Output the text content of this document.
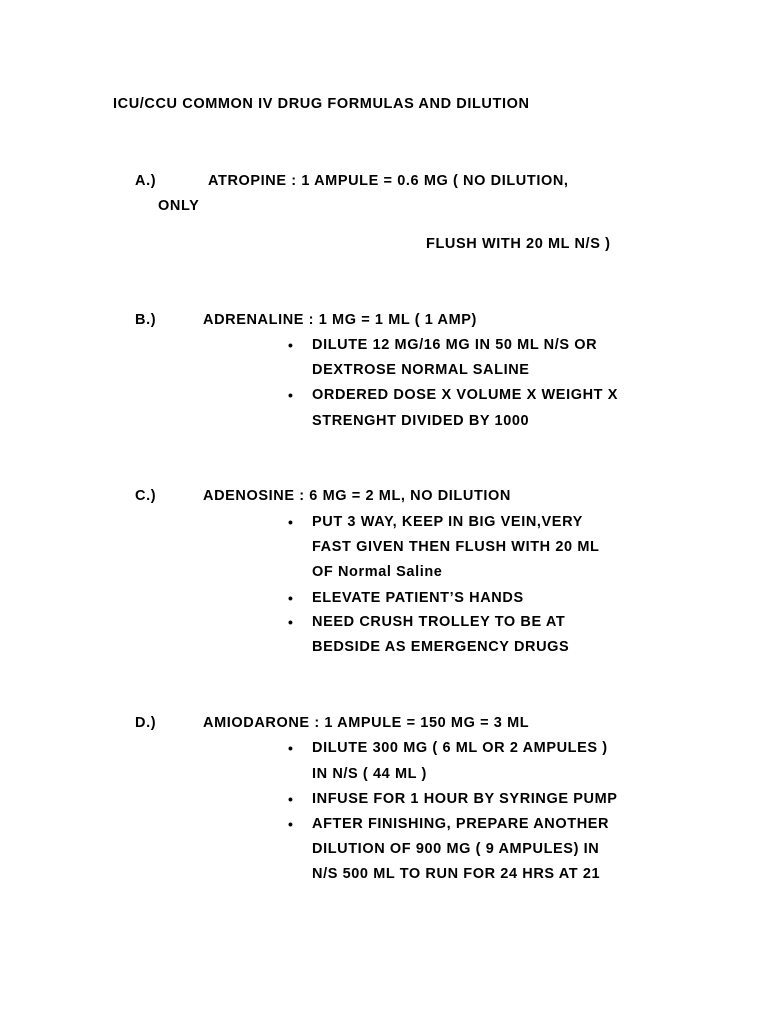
ICU/CCU COMMON IV DRUG FORMULAS AND DILUTION
A.)	ATROPINE : 1 AMPULE = 0.6 MG ( NO DILUTION,
ONLY
FLUSH WITH 20 ML N/S )
B.)	ADRENALINE : 1 MG = 1 ML ( 1 AMP)
• DILUTE 12 MG/16 MG IN 50 ML N/S OR
DEXTROSE NORMAL SALINE
• ORDERED DOSE X VOLUME X WEIGHT X
STRENGHT DIVIDED BY 1000
C.)	ADENOSINE : 6 MG = 2 ML, NO DILUTION
• PUT 3 WAY, KEEP IN BIG VEIN,VERY
FAST GIVEN THEN FLUSH WITH 20 ML
OF Normal Saline
• ELEVATE PATIENT’S HANDS
• NEED CRUSH TROLLEY TO BE AT
BEDSIDE AS EMERGENCY DRUGS
D.)	AMIODARONE : 1 AMPULE = 150 MG = 3 ML
• DILUTE 300 MG ( 6 ML OR 2 AMPULES )
IN N/S ( 44 ML )
• INFUSE FOR 1 HOUR BY SYRINGE PUMP
• AFTER FINISHING, PREPARE ANOTHER
DILUTION OF 900 MG ( 9 AMPULES) IN
N/S 500 ML TO RUN FOR 24 HRS AT 21
